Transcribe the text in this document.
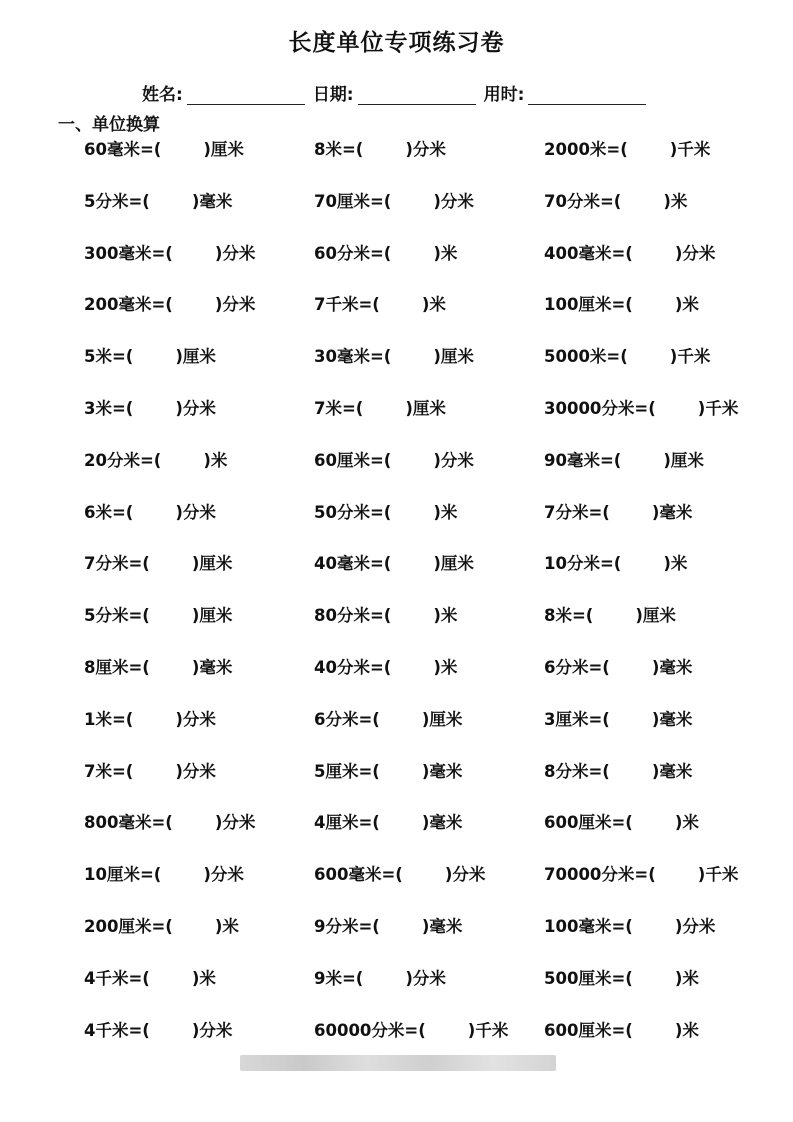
长度单位专项练习卷
姓名:	日期:	用时:
一、单位换算
60毫米=(	)厘米	8米=(	)分米	2000米=(	)千米
5分米=(	)毫米	70厘米=(	)分米	70分米=(	)米
300毫米=(	)分米	60分米=(	)米	400毫米=(	)分米
200毫米=(	)分米	7千米=(	)米	100厘米=(	)米
5米=(	)厘米	30毫米=(	)厘米	5000米=(	)千米
3米=(	)分米	7米=(	)厘米	30000分米=(	)千米
20分米=(	)米	60厘米=(	)分米	90毫米=(	)厘米
6米=(	)分米	50分米=(	)米	7分米=(	)毫米
7分米=(	)厘米	40毫米=(	)厘米	10分米=(	)米
5分米=(	)厘米	80分米=(	)米	8米=(	)厘米
8厘米=(	)毫米	40分米=(	)米	6分米=(	)毫米
1米=(	)分米	6分米=(	)厘米	3厘米=(	)毫米
7米=(	)分米	5厘米=(	)毫米	8分米=(	)毫米
800毫米=(	)分米	4厘米=(	)毫米	600厘米=(	)米
10厘米=(	)分米	600毫米=(	)分米	70000分米=(	)千米
200厘米=(	)米	9分米=(	)毫米	100毫米=(	)分米
4千米=(	)米	9米=(	)分米	500厘米=(	)米
4千米=(	)分米	60000分米=(	)千米 600厘米=(	)米
